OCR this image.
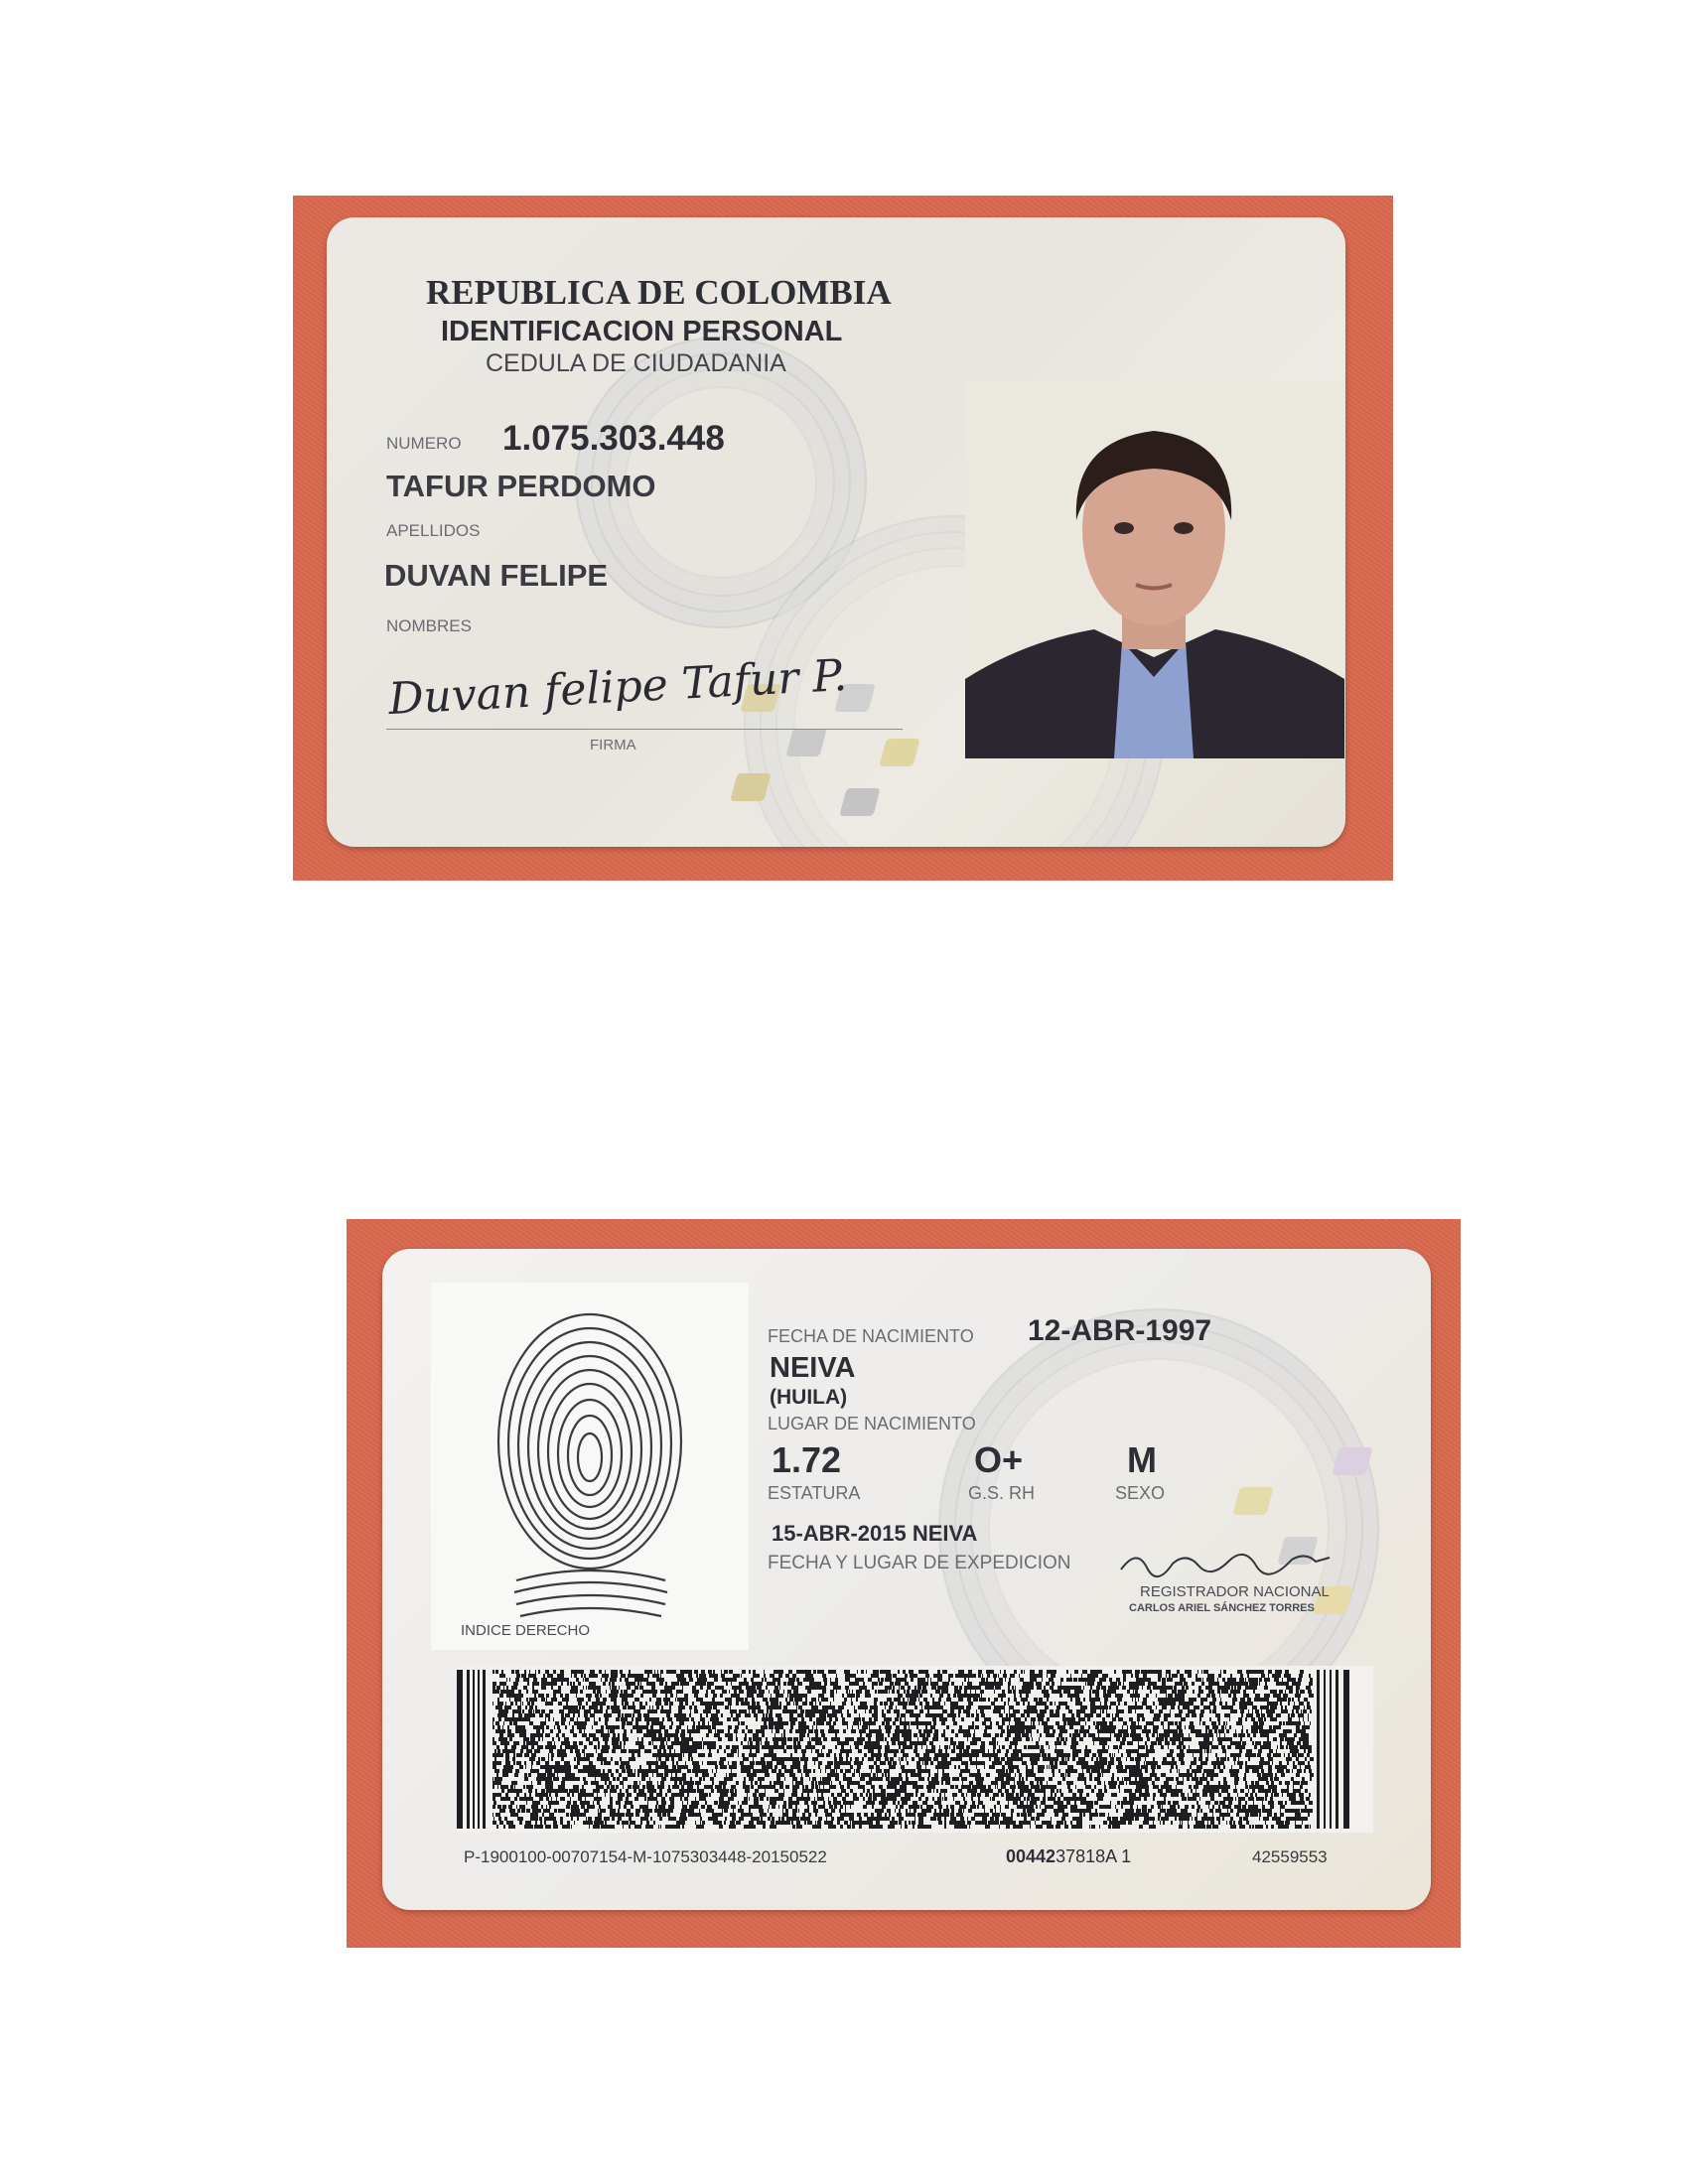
REPUBLICA DE COLOMBIA
IDENTIFICACION PERSONAL
CEDULA DE CIUDADANIA
NUMERO 1.075.303.448
TAFUR PERDOMO
APELLIDOS
DUVAN FELIPE
NOMBRES
Duvan felipe Tafur P.
FIRMA
INDICE DERECHO
FECHA DE NACIMIENTO 12-ABR-1997
NEIVA
(HUILA)
LUGAR DE NACIMIENTO
1.72
ESTATURA
O+
G.S. RH
M
SEXO
15-ABR-2015 NEIVA
FECHA Y LUGAR DE EXPEDICION
REGISTRADOR NACIONAL
CARLOS ARIEL SÁNCHEZ TORRES
P-1900100-00707154-M-1075303448-20150522	0044237818A 1	42559553
